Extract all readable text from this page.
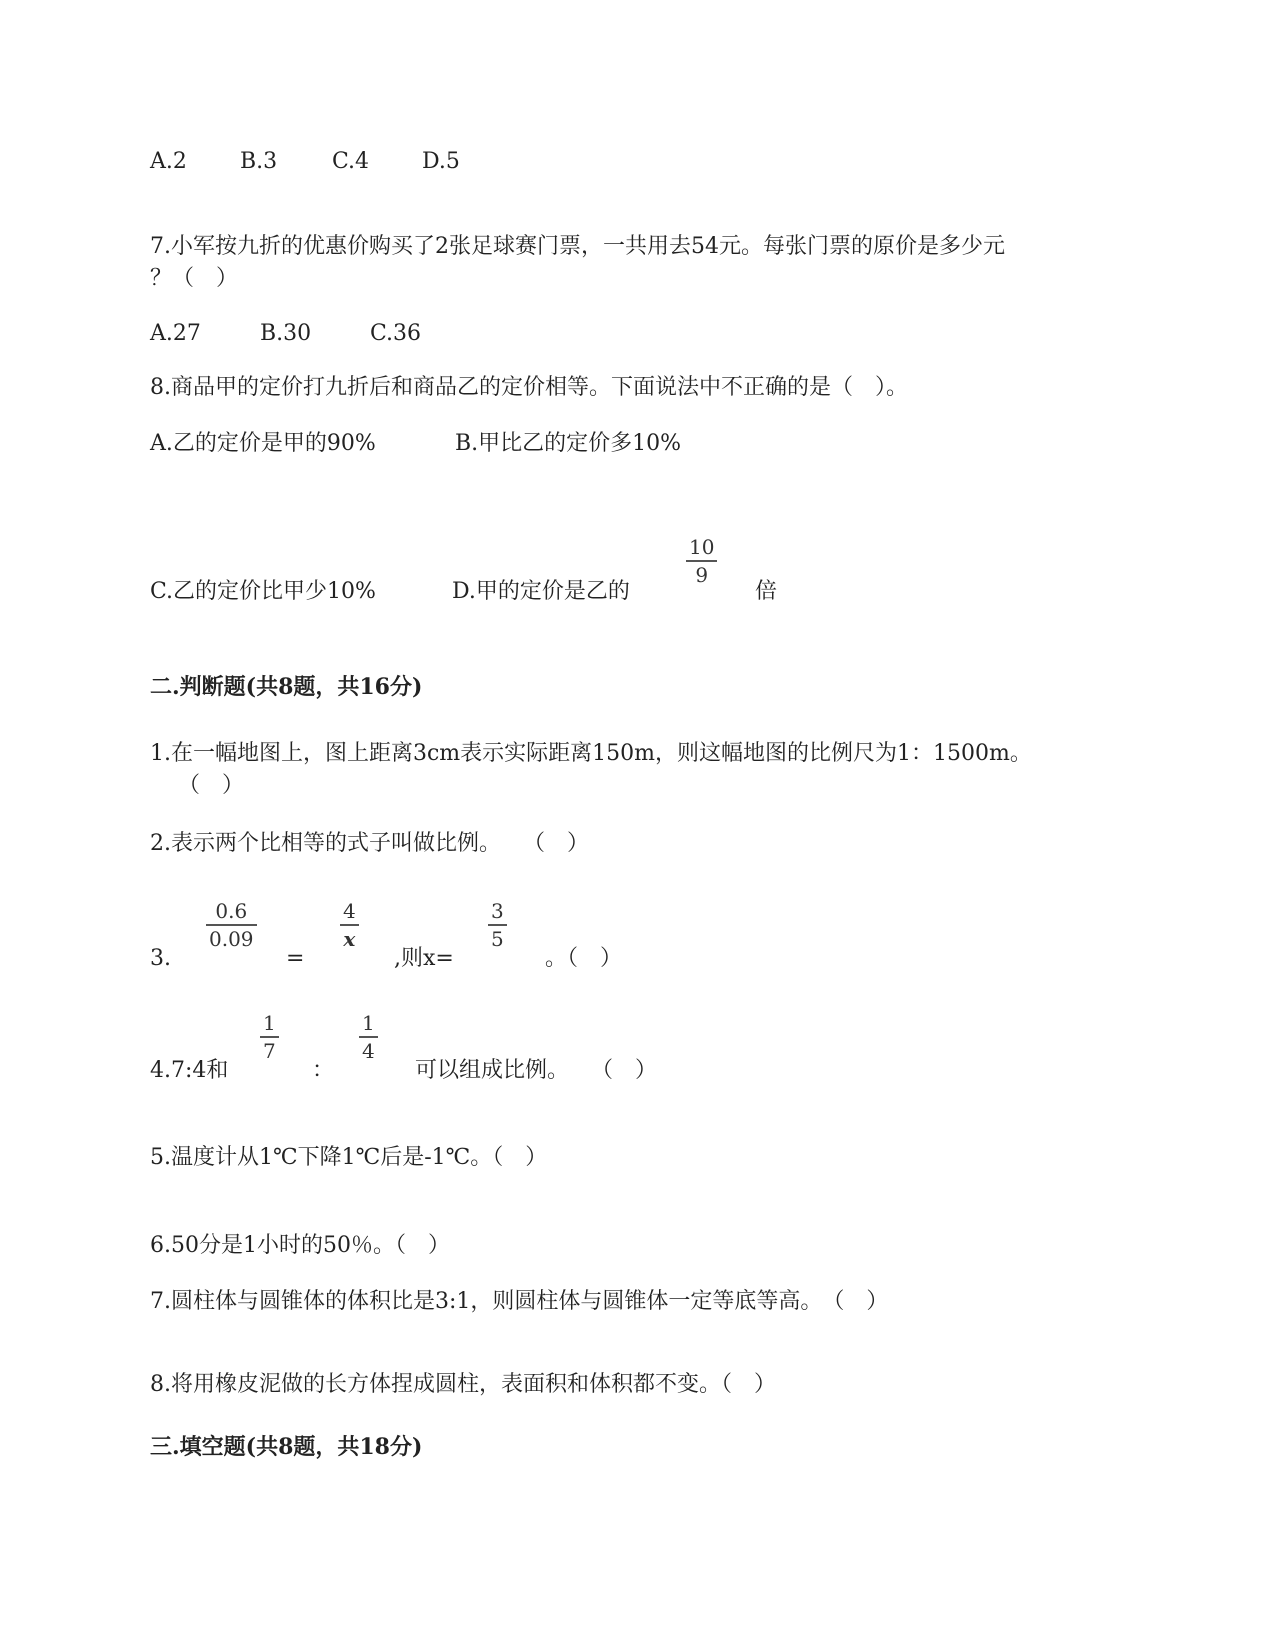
A.2 B.3 C.4 D.5
7.小军按九折的优惠价购买了2张足球赛门票，一共用去54元。每张门票的原价是多少元
？（　）
A.27	B.30	C.36
8.商品甲的定价打九折后和商品乙的定价相等。下面说法中不正确的是（　）。
A.乙的定价是甲的90%	B.甲比乙的定价多10%
C.乙的定价比甲少10%	D.甲的定价是乙的
10
9
倍
二.判断题(共8题，共16分)
1.在一幅地图上，图上距离3cm表示实际距离150m，则这幅地图的比例尺为1：1500m。
（　）
2.表示两个比相等的式子叫做比例。　　（　）
3.
0.6
0.09
=
4
x
,则x=
3
5
。（　）
4.7:4和
1
7
：
1
4
可以组成比例。　　（　）
5.温度计从1℃下降1℃后是-1℃。（　）
6.50分是1小时的50％。（　）
7.圆柱体与圆锥体的体积比是3:1，则圆柱体与圆锥体一定等底等高。　（　）
8.将用橡皮泥做的长方体捏成圆柱，表面积和体积都不变。（　）
三.填空题(共8题，共18分)
